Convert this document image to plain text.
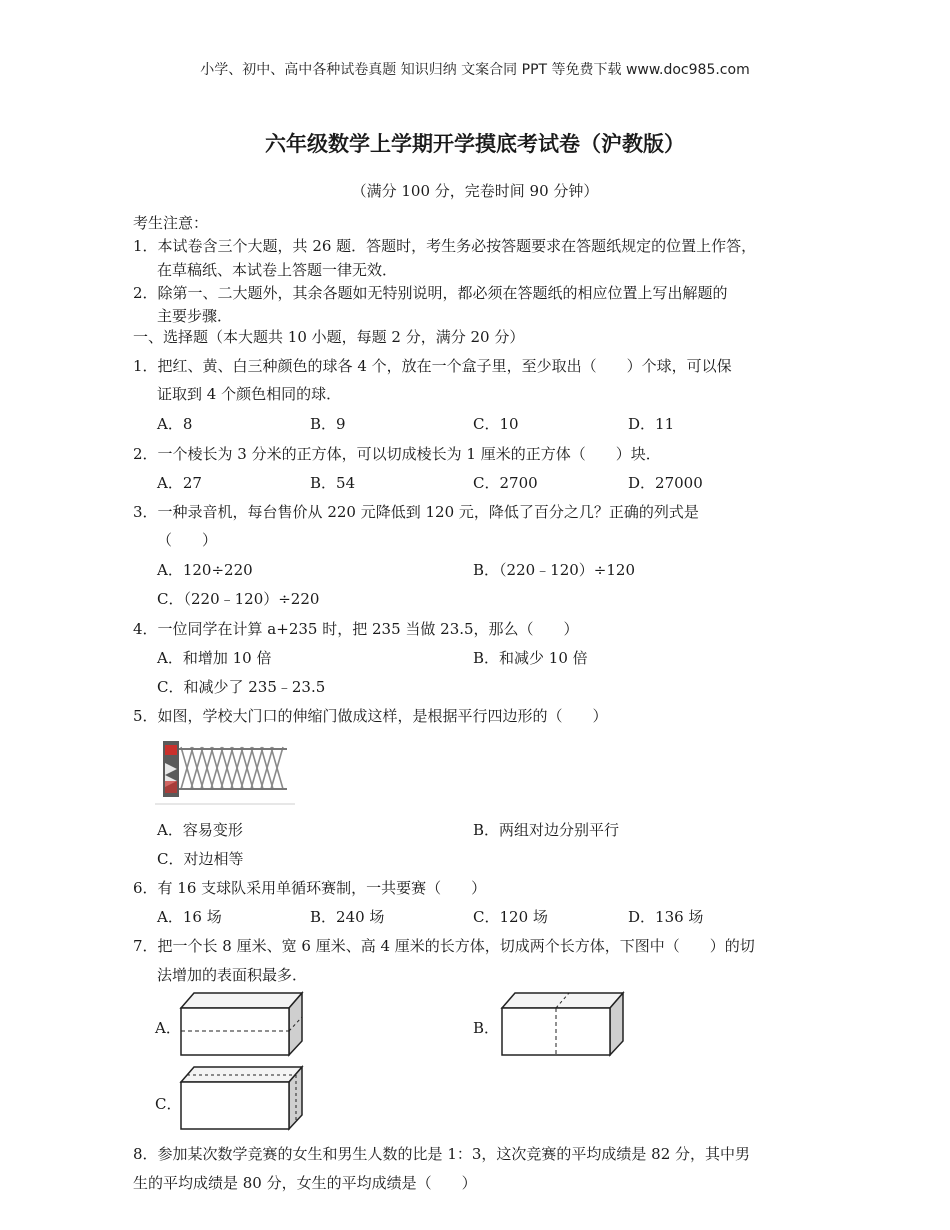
小学、初中、高中各种试卷真题 知识归纳 文案合同 PPT 等免费下载 www.doc985.com
六年级数学上学期开学摸底考试卷（沪教版）
（满分 100 分，完卷时间 90 分钟）
考生注意：
1．本试卷含三个大题，共 26 题．答题时，考生务必按答题要求在答题纸规定的位置上作答，
在草稿纸、本试卷上答题一律无效．
2．除第一、二大题外，其余各题如无特别说明，都必须在答题纸的相应位置上写出解题的
主要步骤．
一、选择题（本大题共 10 小题，每题 2 分，满分 20 分）
1．把红、黄、白三种颜色的球各 4 个，放在一个盒子里，至少取出（　　）个球，可以保
证取到 4 个颜色相同的球．
A．8	B．9	C．10	D．11
2．一个棱长为 3 分米的正方体，可以切成棱长为 1 厘米的正方体（　　）块．
A．27	B．54	C．2700	D．27000
3．一种录音机，每台售价从 220 元降低到 120 元，降低了百分之几？正确的列式是
（　　）
A．120÷220	B．（220﹣120）÷120
C．（220﹣120）÷220
4．一位同学在计算 a+235 时，把 235 当做 23.5，那么（　　）
A．和增加 10 倍	B．和减少 10 倍
C．和减少了 235﹣23.5
5．如图，学校大门口的伸缩门做成这样，是根据平行四边形的（　　）
A．容易变形	B．两组对边分别平行
C．对边相等
6．有 16 支球队采用单循环赛制，一共要赛（　　）
A．16 场	B．240 场	C．120 场	D．136 场
7．把一个长 8 厘米、宽 6 厘米、高 4 厘米的长方体，切成两个长方体，下图中（　　）的切
法增加的表面积最多．
A．	B．
C．
8．参加某次数学竞赛的女生和男生人数的比是 1：3，这次竞赛的平均成绩是 82 分，其中男
生的平均成绩是 80 分，女生的平均成绩是（　　）
